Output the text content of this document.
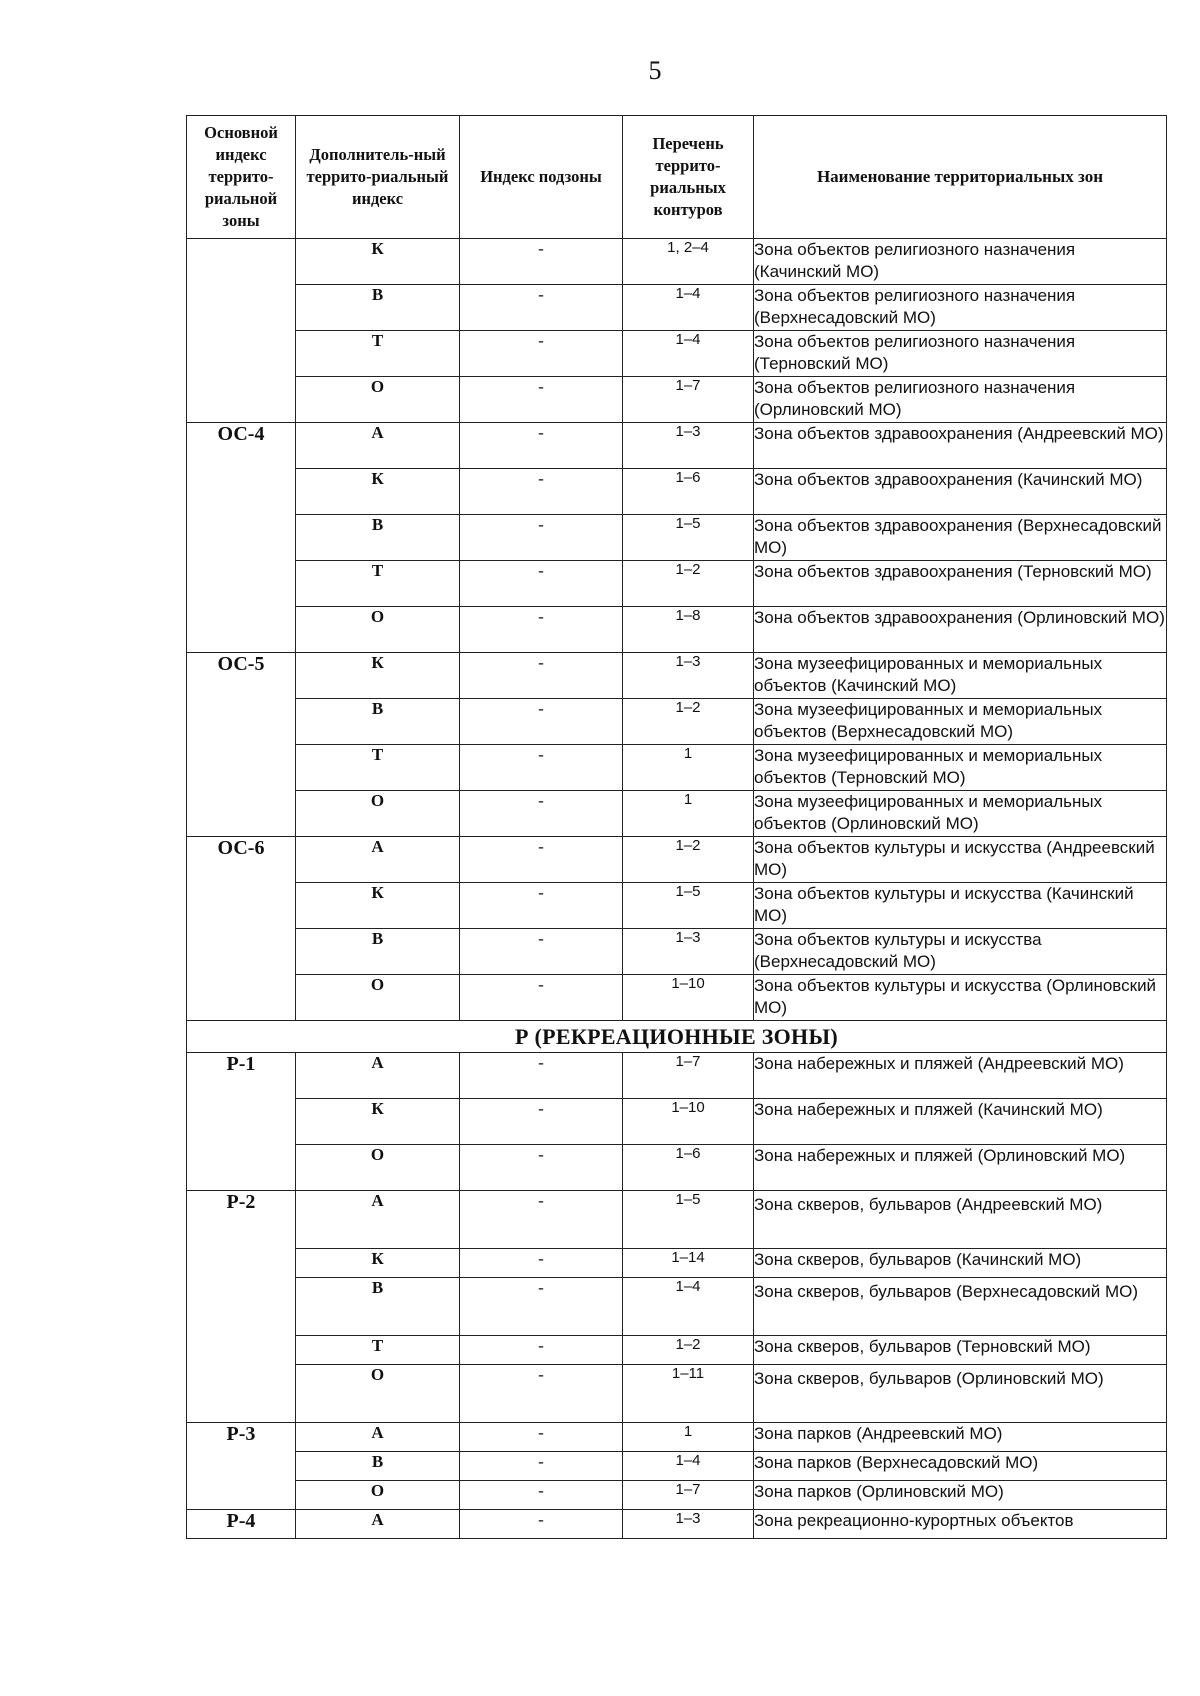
5
Основной индекс террито-риальной зоны	Дополнитель-ный террито-риальный индекс	Индекс подзоны	Перечень террито-риальных контуров	Наименование территориальных зон
	К	-	1, 2–4	Зона объектов религиозного назначения (Качинский МО)
	В	-	1–4	Зона объектов религиозного назначения (Верхнесадовский МО)
	Т	-	1–4	Зона объектов религиозного назначения (Терновский МО)
	О	-	1–7	Зона объектов религиозного назначения (Орлиновский МО)
ОС-4	А	-	1–3	Зона объектов здравоохранения (Андреевский МО)
	К	-	1–6	Зона объектов здравоохранения (Качинский МО)
	В	-	1–5	Зона объектов здравоохранения (Верхнесадовский МО)
	Т	-	1–2	Зона объектов здравоохранения (Терновский МО)
	О	-	1–8	Зона объектов здравоохранения (Орлиновский МО)
ОС-5	К	-	1–3	Зона музеефицированных и мемориальных объектов (Качинский МО)
	В	-	1–2	Зона музеефицированных и мемориальных объектов (Верхнесадовский МО)
	Т	-	1	Зона музеефицированных и мемориальных объектов (Терновский МО)
	О	-	1	Зона музеефицированных и мемориальных объектов (Орлиновский МО)
ОС-6	А	-	1–2	Зона объектов культуры и искусства (Андреевский МО)
	К	-	1–5	Зона объектов культуры и искусства (Качинский МО)
	В	-	1–3	Зона объектов культуры и искусства (Верхнесадовский МО)
	О	-	1–10	Зона объектов культуры и искусства (Орлиновский МО)
Р (РЕКРЕАЦИОННЫЕ ЗОНЫ)				
Р-1	А	-	1–7	Зона набережных и пляжей (Андреевский МО)
	К	-	1–10	Зона набережных и пляжей (Качинский МО)
	О	-	1–6	Зона набережных и пляжей (Орлиновский МО)
Р-2	А	-	1–5	Зона скверов, бульваров (Андреевский МО)
	К	-	1–14	Зона скверов, бульваров (Качинский МО)
	В	-	1–4	Зона скверов, бульваров (Верхнесадовский МО)
	Т	-	1–2	Зона скверов, бульваров (Терновский МО)
	О	-	1–11	Зона скверов, бульваров (Орлиновский МО)
Р-3	А	-	1	Зона парков (Андреевский МО)
	В	-	1–4	Зона парков (Верхнесадовский МО)
	О	-	1–7	Зона парков (Орлиновский МО)
Р-4	А	-	1–3	Зона рекреационно-курортных объектов
